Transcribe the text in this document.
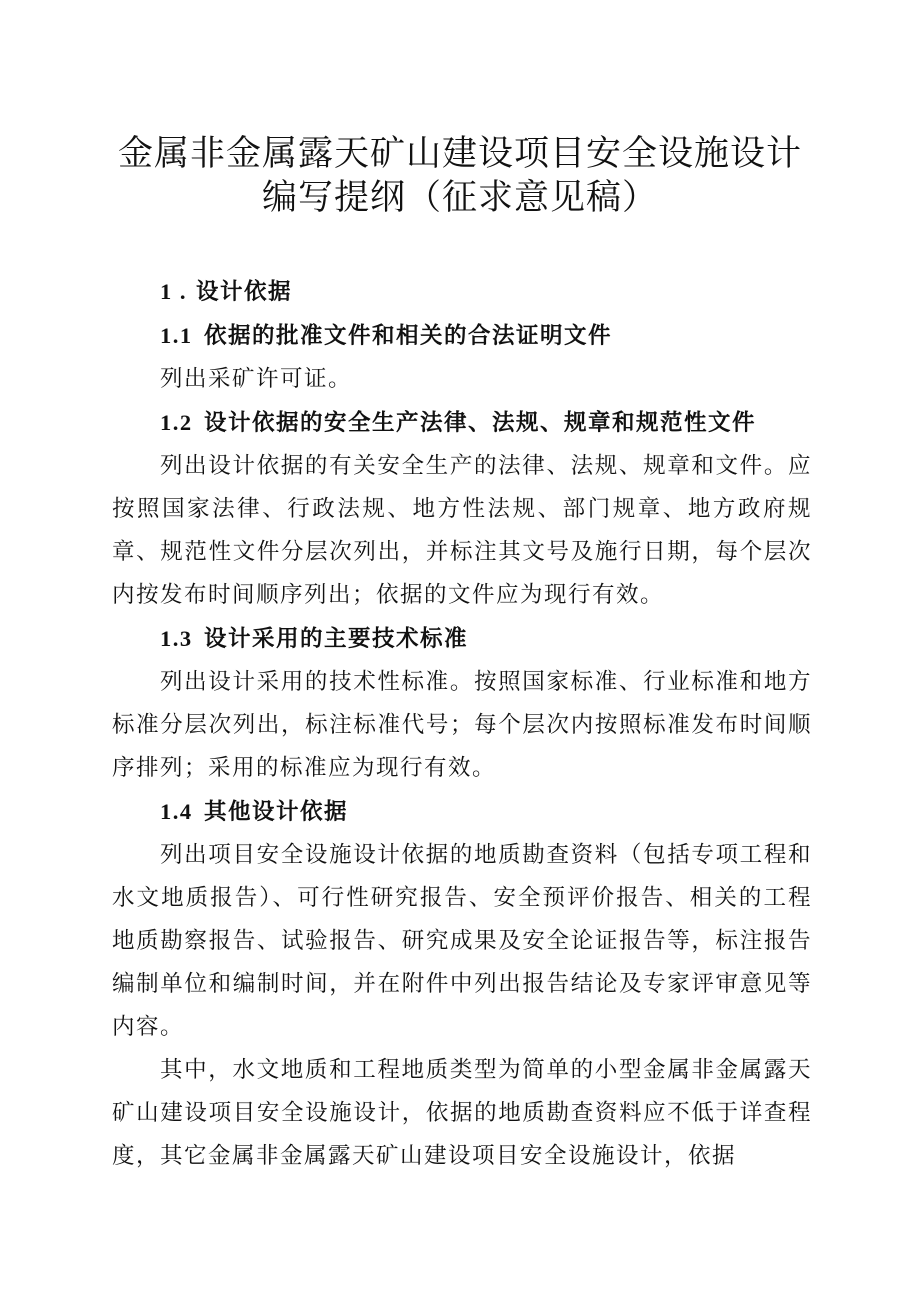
金属非金属露天矿山建设项目安全设施设计
编写提纲（征求意见稿）

1 . 设计依据

1.1 依据的批准文件和相关的合法证明文件

列出采矿许可证。

1.2 设计依据的安全生产法律、法规、规章和规范性文件

列出设计依据的有关安全生产的法律、法规、规章和文件。应按照国家法律、行政法规、地方性法规、部门规章、地方政府规章、规范性文件分层次列出，并标注其文号及施行日期，每个层次内按发布时间顺序列出；依据的文件应为现行有效。

1.3 设计采用的主要技术标准

列出设计采用的技术性标准。按照国家标准、行业标准和地方标准分层次列出，标注标准代号；每个层次内按照标准发布时间顺序排列；采用的标准应为现行有效。

1.4 其他设计依据

列出项目安全设施设计依据的地质勘查资料（包括专项工程和水文地质报告）、可行性研究报告、安全预评价报告、相关的工程地质勘察报告、试验报告、研究成果及安全论证报告等，标注报告编制单位和编制时间，并在附件中列出报告结论及专家评审意见等内容。

其中，水文地质和工程地质类型为简单的小型金属非金属露天矿山建设项目安全设施设计，依据的地质勘查资料应不低于详查程度，其它金属非金属露天矿山建设项目安全设施设计，依据
